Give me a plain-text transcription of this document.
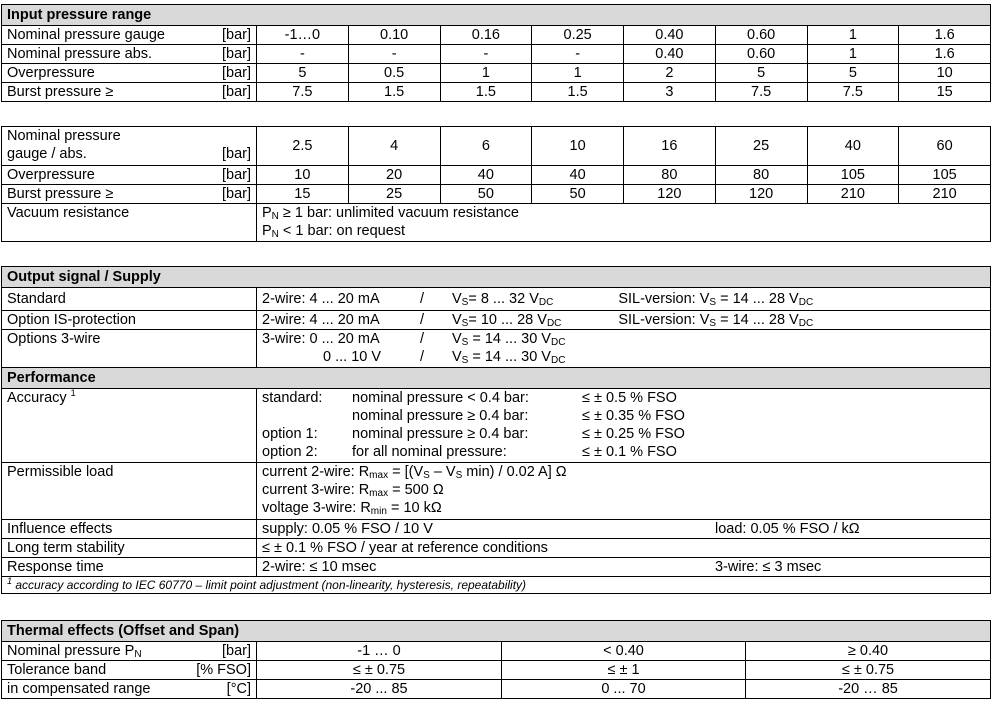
Input pressure range								
Nominal pressure gauge [bar]	-1…0	0.10	0.16	0.25	0.40	0.60	1	1.6
Nominal pressure abs. [bar]	-	-	-	-	0.40	0.60	1	1.6
Overpressure [bar]	5	0.5	1	1	2	5	5	10
Burst pressure ≥ [bar]	7.5	1.5	1.5	1.5	3	7.5	7.5	15
Nominal pressure
gauge / abs. [bar]	2.5	4	6	10	16	25	40	60
Overpressure [bar]	10	20	40	40	80	80	105	105
Burst pressure ≥ [bar]	15	25	50	50	120	120	210	210
Vacuum resistance	$P_N \ge 1$ bar: unlimited vacuum resistance
$P_N < 1$ bar: on request							
Output signal / Supply	
Standard	2-wire: 4 ... 20 mA / $V_S= 8$ ... 32 $V_{DC}$ SIL-version: $V_S = 14$ ... 28 $V_{DC}$
Option IS-protection	2-wire: 4 ... 20 mA / $V_S= 10$ ... 28 $V_{DC}$ SIL-version: $V_S = 14$ ... 28 $V_{DC}$
Options 3-wire	3-wire: 0 ... 20 mA / $V_S = 14$ ... 30 $V_{DC}$
0 ... 10 $V / V_S = 14$ ... 30 $V_{DC}$

Performance	
Accuracy $^1$	standard: nominal pressure < 0.4 bar: ≤ ± 0.5 % FSO
nominal pressure ≥ 0.4 bar: ≤ ± 0.35 % FSO
option 1: nominal pressure ≥ 0.4 bar: ≤ ± 0.25 % FSO
option 2: for all nominal pressure: ≤ ± 0.1 % FSO

Permissible load	current 2-wire: $R_{max} = [(V_S - V_S$ min) / 0.02 A] Ω
current 3-wire: $R_{max} = 500$ Ω
voltage 3-wire: $R_{min} = 10$ kΩ

Influence effects	supply: 0.05 % FSO / 10 V load: 0.05 % FSO / kΩ
Long term stability	≤ ± 0.1 % FSO / year at reference conditions
Response time	2-wire: ≤ 10 msec 3-wire: ≤ 3 msec
$^1$ accuracy according to IEC 60770 – limit point adjustment (non-linearity, hysteresis, repeatability)	
Thermal effects (Offset and Span)			
Nominal pressure $P_N$ [bar]	-1 … 0	< 0.40	≥ 0.40
Tolerance band [% FSO]	≤ ± 0.75	≤ ± 1	≤ ± 0.75
in compensated range [°C]	-20 ... 85	0 ... 70	-20 … 85
